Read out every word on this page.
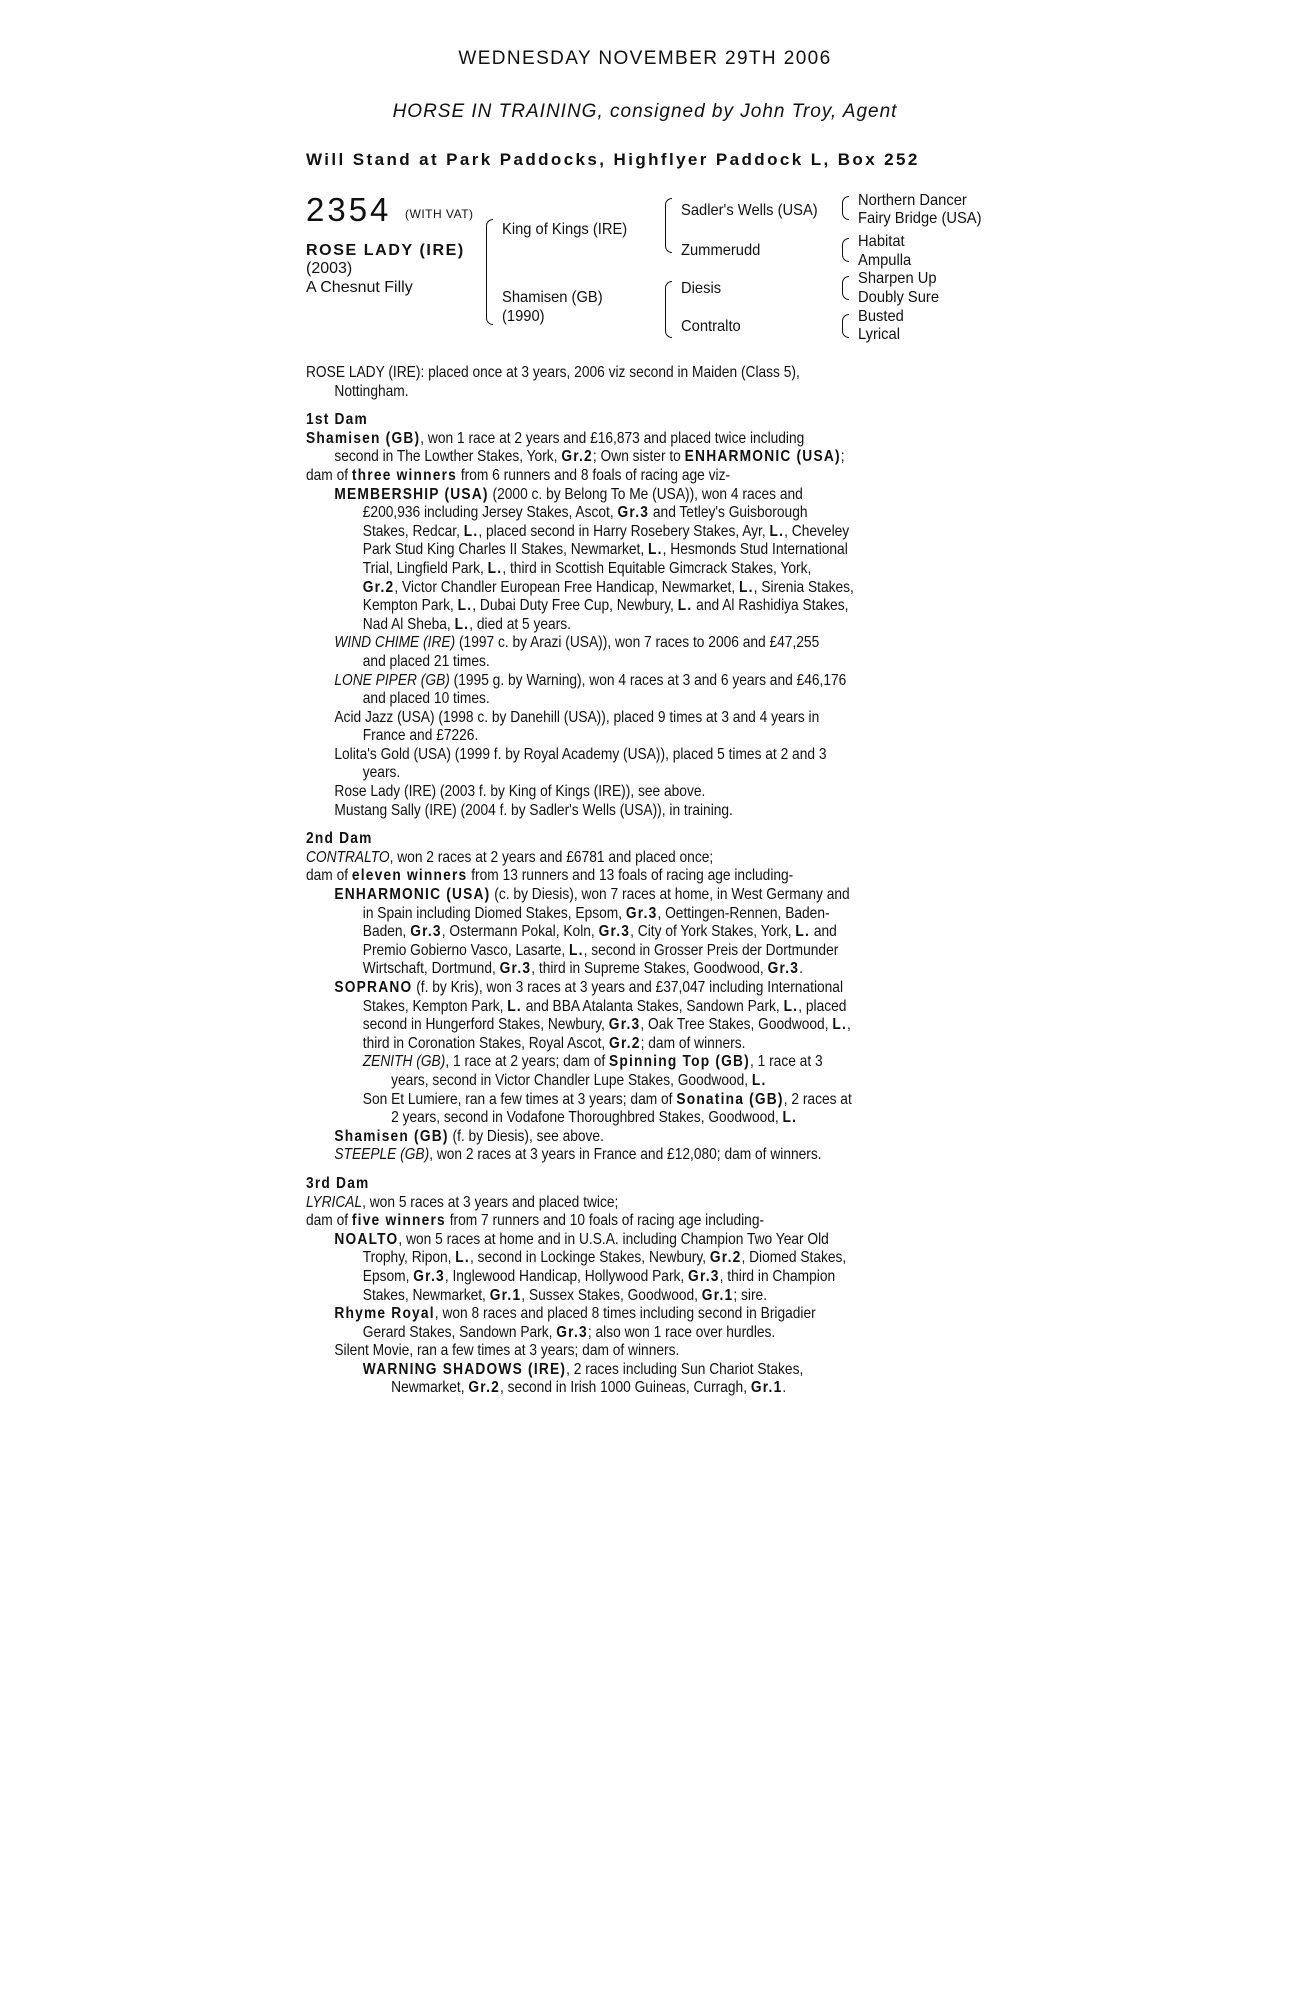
WEDNESDAY NOVEMBER 29TH 2006
HORSE IN TRAINING, consigned by John Troy, Agent
Will Stand at Park Paddocks, Highflyer Paddock L, Box 252
2354 (WITH VAT)
ROSE LADY (IRE)
(2003)
A Chesnut Filly
King of Kings (IRE)
Shamisen (GB)
(1990)
Sadler's Wells (USA)
Zummerudd
Diesis
Contralto
Northern Dancer
Fairy Bridge (USA)
Habitat
Ampulla
Sharpen Up
Doubly Sure
Busted
Lyrical
ROSE LADY (IRE): placed once at 3 years, 2006 viz second in Maiden (Class 5),
Nottingham.
1st Dam
Shamisen (GB), won 1 race at 2 years and £16,873 and placed twice including
second in The Lowther Stakes, York, Gr.2; Own sister to ENHARMONIC (USA);
dam of three winners from 6 runners and 8 foals of racing age viz-
MEMBERSHIP (USA) (2000 c. by Belong To Me (USA)), won 4 races and
£200,936 including Jersey Stakes, Ascot, Gr.3 and Tetley's Guisborough
Stakes, Redcar, L., placed second in Harry Rosebery Stakes, Ayr, L., Cheveley
Park Stud King Charles II Stakes, Newmarket, L., Hesmonds Stud International
Trial, Lingfield Park, L., third in Scottish Equitable Gimcrack Stakes, York,
Gr.2, Victor Chandler European Free Handicap, Newmarket, L., Sirenia Stakes,
Kempton Park, L., Dubai Duty Free Cup, Newbury, L. and Al Rashidiya Stakes,
Nad Al Sheba, L., died at 5 years.
WIND CHIME (IRE) (1997 c. by Arazi (USA)), won 7 races to 2006 and £47,255
and placed 21 times.
LONE PIPER (GB) (1995 g. by Warning), won 4 races at 3 and 6 years and £46,176
and placed 10 times.
Acid Jazz (USA) (1998 c. by Danehill (USA)), placed 9 times at 3 and 4 years in
France and £7226.
Lolita's Gold (USA) (1999 f. by Royal Academy (USA)), placed 5 times at 2 and 3
years.
Rose Lady (IRE) (2003 f. by King of Kings (IRE)), see above.
Mustang Sally (IRE) (2004 f. by Sadler's Wells (USA)), in training.
2nd Dam
CONTRALTO, won 2 races at 2 years and £6781 and placed once;
dam of eleven winners from 13 runners and 13 foals of racing age including-
ENHARMONIC (USA) (c. by Diesis), won 7 races at home, in West Germany and
in Spain including Diomed Stakes, Epsom, Gr.3, Oettingen-Rennen, Baden-
Baden, Gr.3, Ostermann Pokal, Koln, Gr.3, City of York Stakes, York, L. and
Premio Gobierno Vasco, Lasarte, L., second in Grosser Preis der Dortmunder
Wirtschaft, Dortmund, Gr.3, third in Supreme Stakes, Goodwood, Gr.3.
SOPRANO (f. by Kris), won 3 races at 3 years and £37,047 including International
Stakes, Kempton Park, L. and BBA Atalanta Stakes, Sandown Park, L., placed
second in Hungerford Stakes, Newbury, Gr.3, Oak Tree Stakes, Goodwood, L.,
third in Coronation Stakes, Royal Ascot, Gr.2; dam of winners.
ZENITH (GB), 1 race at 2 years; dam of Spinning Top (GB), 1 race at 3
years, second in Victor Chandler Lupe Stakes, Goodwood, L.
Son Et Lumiere, ran a few times at 3 years; dam of Sonatina (GB), 2 races at
2 years, second in Vodafone Thoroughbred Stakes, Goodwood, L.
Shamisen (GB) (f. by Diesis), see above.
STEEPLE (GB), won 2 races at 3 years in France and £12,080; dam of winners.
3rd Dam
LYRICAL, won 5 races at 3 years and placed twice;
dam of five winners from 7 runners and 10 foals of racing age including-
NOALTO, won 5 races at home and in U.S.A. including Champion Two Year Old
Trophy, Ripon, L., second in Lockinge Stakes, Newbury, Gr.2, Diomed Stakes,
Epsom, Gr.3, Inglewood Handicap, Hollywood Park, Gr.3, third in Champion
Stakes, Newmarket, Gr.1, Sussex Stakes, Goodwood, Gr.1; sire.
Rhyme Royal, won 8 races and placed 8 times including second in Brigadier
Gerard Stakes, Sandown Park, Gr.3; also won 1 race over hurdles.
Silent Movie, ran a few times at 3 years; dam of winners.
WARNING SHADOWS (IRE), 2 races including Sun Chariot Stakes,
Newmarket, Gr.2, second in Irish 1000 Guineas, Curragh, Gr.1.
